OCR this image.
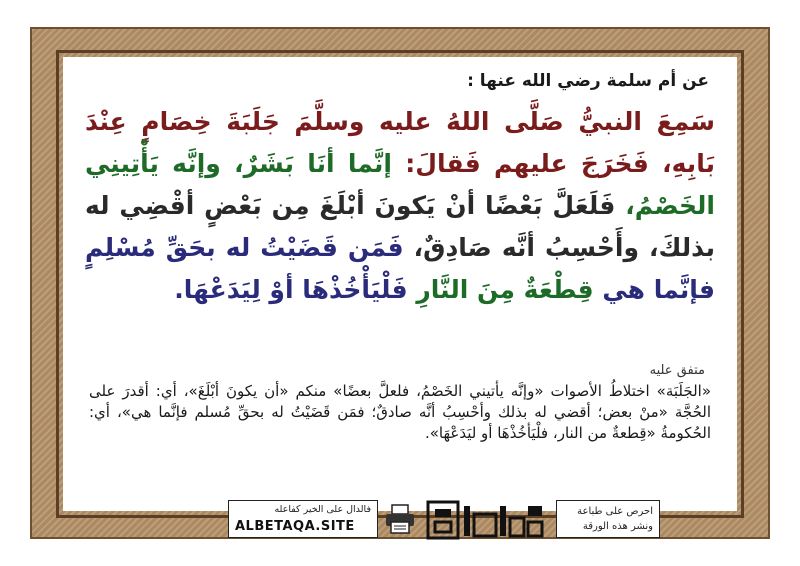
عن أم سلمة رضي الله عنها :
سَمِعَ النبيُّ صَلَّى اللهُ عليه وسلَّمَ جَلَبَةَ خِصَامٍ عِنْدَ بَابِهِ، فَخَرَجَ عليهم فَقالَ: إنَّما أنَا بَشَرٌ، وإنَّه يَأْتِينِي الخَصْمُ، فَلَعَلَّ بَعْضًا أنْ يَكونَ أبْلَغَ مِن بَعْضٍ أقْضِي له بذلكَ، وأَحْسِبُ أنَّه صَادِقٌ، فَمَن قَضَيْتُ له بحَقِّ مُسْلِمٍ فإنَّما هي قِطْعَةٌ مِنَ النَّارِ فَلْيَأْخُذْهَا أوْ لِيَدَعْهَا.
متفق عليه
«الجَلَبَة» اختلاطُ الأصوات «وإنَّه يأتيني الخَصْمُ، فلعلَّ بعضًا» منكم «أن يكونَ أبْلَغَ»، أي: أقدرَ على الحُجَّة «منْ بعض؛ أقضي له بذلك وأحْسِبُ أنَّه صادقٌ؛ فمَن قَضَيْتُ له بحقِّ مُسلم فإنَّما هي»، أي: الحُكومةُ «قِطعةٌ من النار، فلْيَأخُذْهَا أو ليَدَعْهَا».
فالدال على الخير كفاعله
ALBETAQA.SITE
احرص على طباعة
ونشر هذه الورقة
